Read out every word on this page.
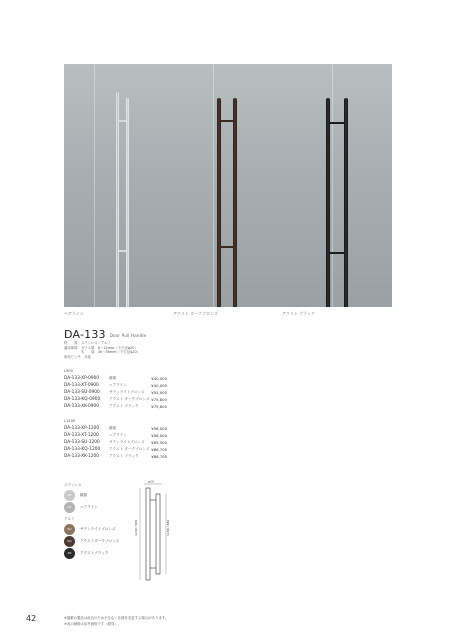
ヘアライン	アクスト ダークブロンズ	アクスト ブラック
DA-133 Door Pull Handle
材　　質：ステンレス／アルミ
適用扉厚：ガラス扉　8〜12mm（下穴径φ20）
　　　　　木　　扉　30〜56mm（下穴径φ20）
取付ピッチ　対応
L900
DA-133-XP-0900	鏡面	¥40,000
DA-133-XT-0900	ヘアライン	¥40,000
DA-133-SU-0900	サテンライトブロンズ	¥55,000
DA-133-KQ-0900	アクスト ダークブロンズ ¥75,800
DA-133-XK-0900	アクスト ブラック	¥75,800
L1200
DA-133-XP-1200	鏡面	¥56,000
DA-133-XT-1200	ヘアライン	¥56,000
DA-133-SU-1200	サテンライトブロンズ	¥65,500
DA-133-KQ-1200	アクスト ダークブロンズ ¥86,700
DA-133-XK-1200	アクスト ブラック	¥86,700
ステンレス
XP	鏡面
XT	ヘアライン
アルミ
SU	サテンライトブロンズ
KQ	アクストダークブロンズ
XK	アクストブラック
φ20
1200 / 900	1180 / 880
42	※掲載の製品は改良のため予告なく仕様を変更する場合があります。
※表示価格は参考価格です（税別）。
